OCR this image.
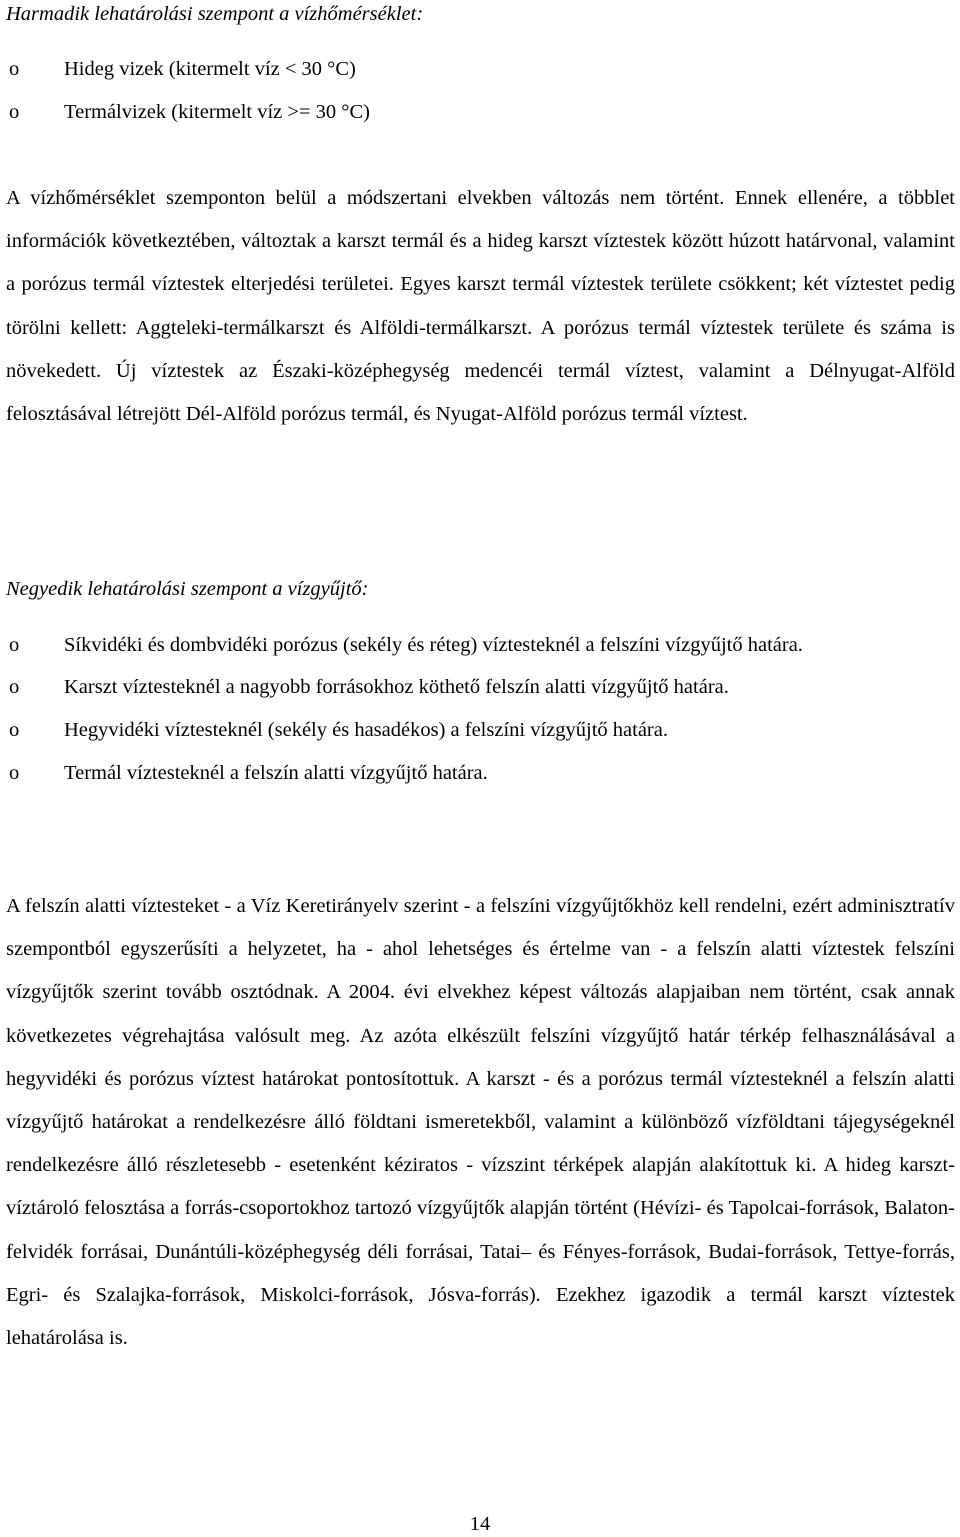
Harmadik lehatárolási szempont a vízhőmérséklet:
o Hideg vizek (kitermelt víz < 30 °C)
o Termálvizek (kitermelt víz >= 30 °C)

A vízhőmérséklet szemponton belül a módszertani elvekben változás nem történt. Ennek ellenére, a többlet információk következtében, változtak a karszt termál és a hideg karszt víztestek között húzott határvonal, valamint a porózus termál víztestek elterjedési területei. Egyes karszt termál víztestek területe csökkent; két víztestet pedig törölni kellett: Aggteleki-termálkarszt és Alföldi-termálkarszt. A porózus termál víztestek területe és száma is növekedett. Új víztestek az Északi-középhegység medencéi termál víztest, valamint a Délnyugat-Alföld felosztásával létrejött Dél-Alföld porózus termál, és Nyugat-Alföld porózus termál víztest.

Negyedik lehatárolási szempont a vízgyűjtő:
o Síkvidéki és dombvidéki porózus (sekély és réteg) víztesteknél a felszíni vízgyűjtő határa.
o Karszt víztesteknél a nagyobb forrásokhoz köthető felszín alatti vízgyűjtő határa.
o Hegyvidéki víztesteknél (sekély és hasadékos) a felszíni vízgyűjtő határa.
o Termál víztesteknél a felszín alatti vízgyűjtő határa.

A felszín alatti víztesteket - a Víz Keretirányelv szerint - a felszíni vízgyűjtőkhöz kell rendelni, ezért adminisztratív szempontból egyszerűsíti a helyzetet, ha - ahol lehetséges és értelme van - a felszín alatti víztestek felszíni vízgyűjtők szerint tovább osztódnak. A 2004. évi elvekhez képest változás alapjaiban nem történt, csak annak következetes végrehajtása valósult meg. Az azóta elkészült felszíni vízgyűjtő határ térkép felhasználásával a hegyvidéki és porózus víztest határokat pontosítottuk. A karszt - és a porózus termál víztesteknél a felszín alatti vízgyűjtő határokat a rendelkezésre álló földtani ismeretekből, valamint a különböző vízföldtani tájegységeknél rendelkezésre álló részletesebb - esetenként kéziratos - vízszint térképek alapján alakítottuk ki. A hideg karszt-víztároló felosztása a forrás-csoportokhoz tartozó vízgyűjtők alapján történt (Hévízi- és Tapolcai-források, Balaton-felvidék forrásai, Dunántúli-középhegység déli forrásai, Tatai– és Fényes-források, Budai-források, Tettye-forrás, Egri- és Szalajka-források, Miskolci-források, Jósva-forrás). Ezekhez igazodik a termál karszt víztestek lehatárolása is.

14
